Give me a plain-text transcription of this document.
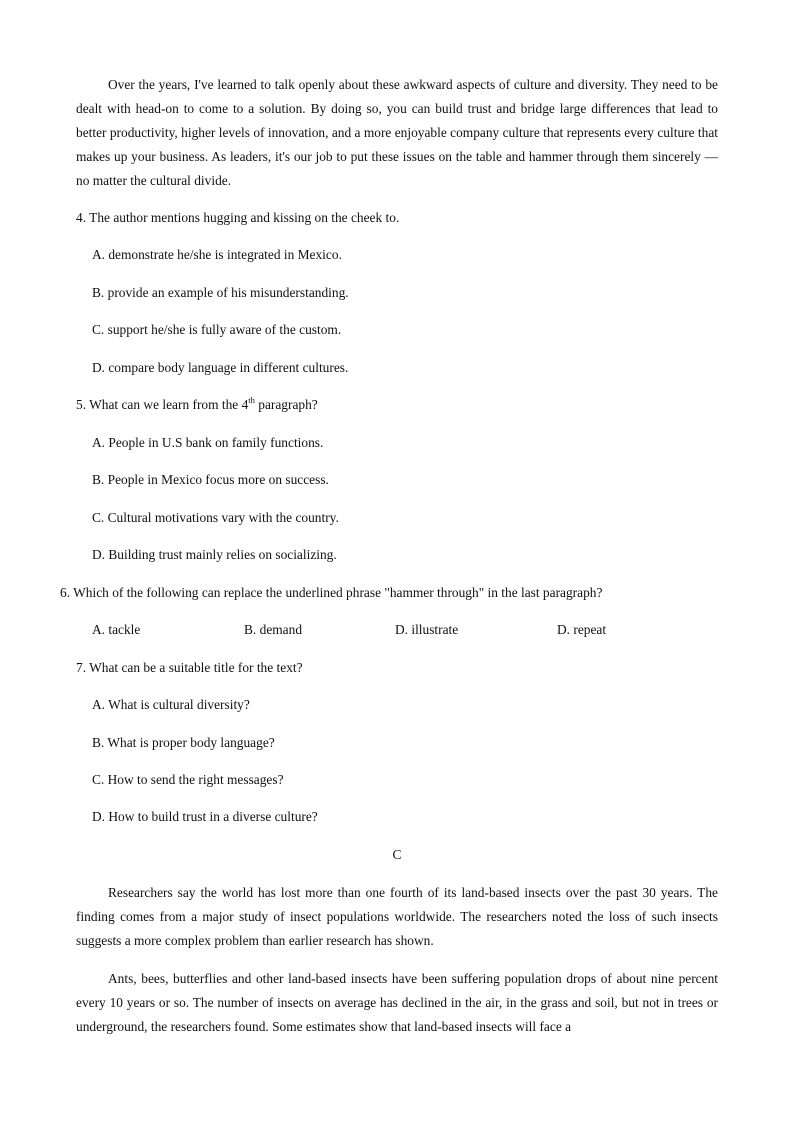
Over the years, I've learned to talk openly about these awkward aspects of culture and diversity. They need to be dealt with head-on to come to a solution. By doing so, you can build trust and bridge large differences that lead to better productivity, higher levels of innovation, and a more enjoyable company culture that represents every culture that makes up your business. As leaders, it's our job to put these issues on the table and hammer through them sincerely — no matter the cultural divide.

4. The author mentions hugging and kissing on the cheek to.

A. demonstrate he/she is integrated in Mexico.

B. provide an example of his misunderstanding.

C. support he/she is fully aware of the custom.

D. compare body language in different cultures.

5. What can we learn from the 4th paragraph?

A. People in U.S bank on family functions.

B. People in Mexico focus more on success.

C. Cultural motivations vary with the country.

D. Building trust mainly relies on socializing.

6. Which of the following can replace the underlined phrase "hammer through" in the last paragraph?

A. tackle	B. demand	D. illustrate	D. repeat

7. What can be a suitable title for the text?

A. What is cultural diversity?

B. What is proper body language?

C. How to send the right messages?

D. How to build trust in a diverse culture?

C

Researchers say the world has lost more than one fourth of its land-based insects over the past 30 years. The finding comes from a major study of insect populations worldwide. The researchers noted the loss of such insects suggests a more complex problem than earlier research has shown.

Ants, bees, butterflies and other land-based insects have been suffering population drops of about nine percent every 10 years or so. The number of insects on average has declined in the air, in the grass and soil, but not in trees or underground, the researchers found. Some estimates show that land-based insects will face a
